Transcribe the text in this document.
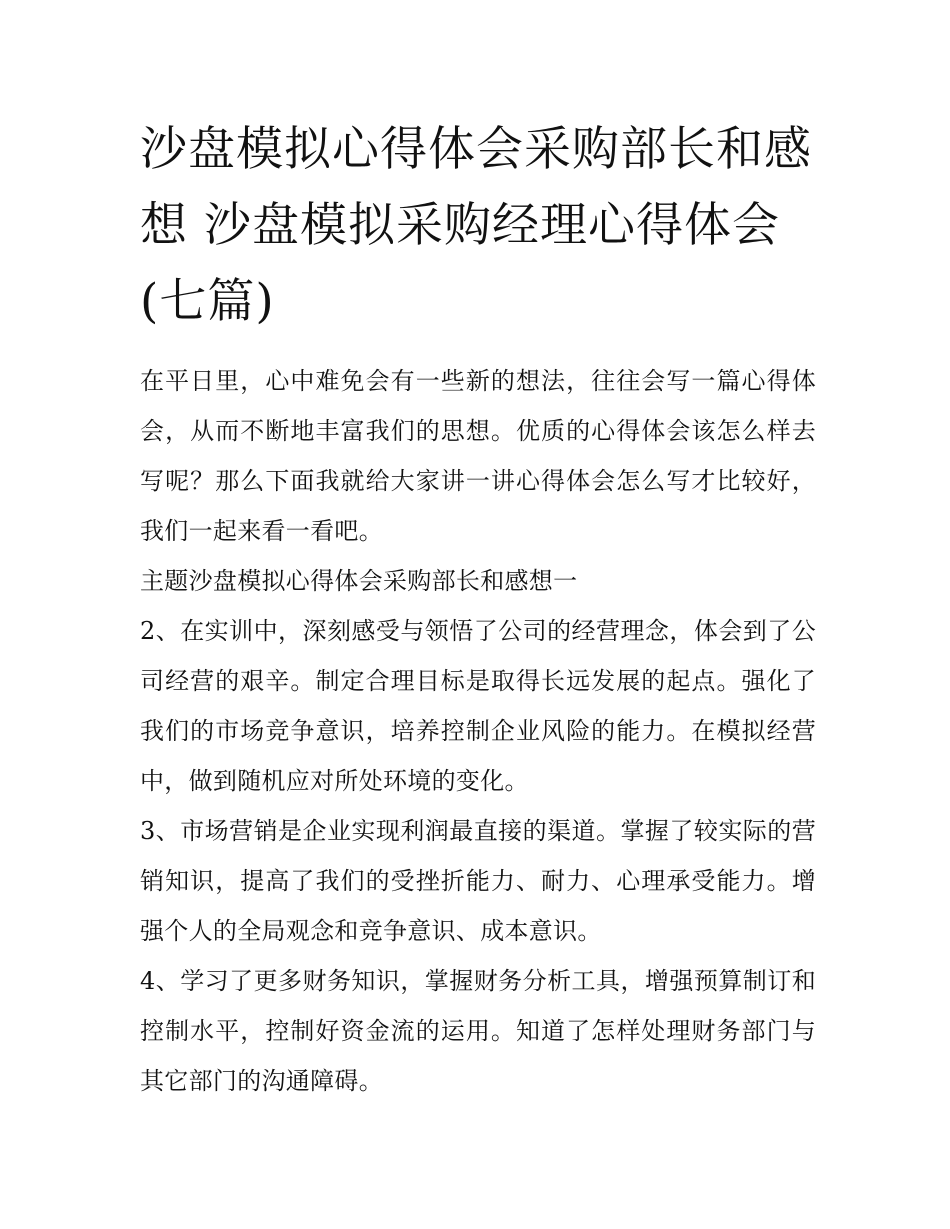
沙盘模拟心得体会采购部长和感想 沙盘模拟采购经理心得体会(七篇)

在平日里，心中难免会有一些新的想法，往往会写一篇心得体会，从而不断地丰富我们的思想。优质的心得体会该怎么样去写呢？那么下面我就给大家讲一讲心得体会怎么写才比较好，我们一起来看一看吧。

主题沙盘模拟心得体会采购部长和感想一

2、在实训中，深刻感受与领悟了公司的经营理念，体会到了公司经营的艰辛。制定合理目标是取得长远发展的起点。强化了我们的市场竞争意识，培养控制企业风险的能力。在模拟经营中，做到随机应对所处环境的变化。

3、市场营销是企业实现利润最直接的渠道。掌握了较实际的营销知识，提高了我们的受挫折能力、耐力、心理承受能力。增强个人的全局观念和竞争意识、成本意识。

4、学习了更多财务知识，掌握财务分析工具，增强预算制订和控制水平，控制好资金流的运用。知道了怎样处理财务部门与其它部门的沟通障碍。
